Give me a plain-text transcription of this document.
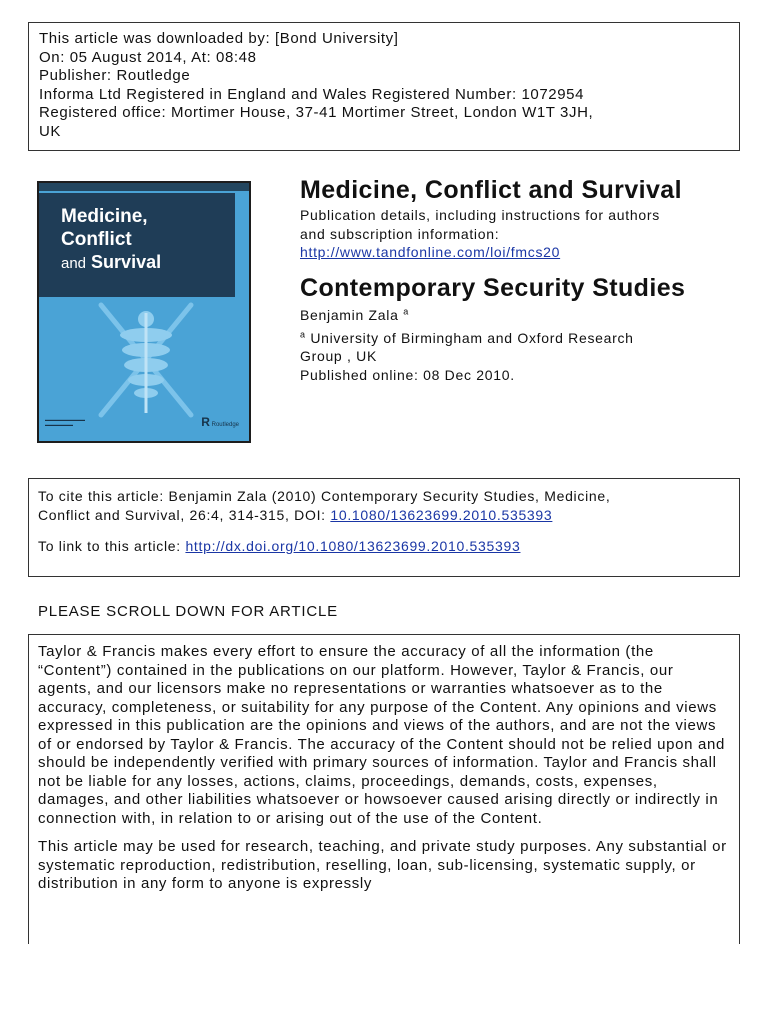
This article was downloaded by: [Bond University]
On: 05 August 2014, At: 08:48
Publisher: Routledge
Informa Ltd Registered in England and Wales Registered Number: 1072954
Registered office: Mortimer House, 37-41 Mortimer Street, London W1T 3JH,
UK
Medicine,
Conflict
and Survival
▬▬▬▬▬▬▬▬▬▬
▬▬▬▬▬▬▬	R Routledge
Medicine, Conflict and Survival
Publication details, including instructions for authors
and subscription information:
http://www.tandfonline.com/loi/fmcs20
Contemporary Security Studies
Benjamin Zala $^a$
$^a$ University of Birmingham and Oxford Research
Group , UK
Published online: 08 Dec 2010.
To cite this article: Benjamin Zala (2010) Contemporary Security Studies, Medicine,
Conflict and Survival, 26:4, 314-315, DOI: 10.1080/13623699.2010.535393
To link to this article: http://dx.doi.org/10.1080/13623699.2010.535393
PLEASE SCROLL DOWN FOR ARTICLE

Taylor & Francis makes every effort to ensure the accuracy of all the information (the “Content”) contained in the publications on our platform. However, Taylor & Francis, our agents, and our licensors make no representations or warranties whatsoever as to the accuracy, completeness, or suitability for any purpose of the Content. Any opinions and views expressed in this publication are the opinions and views of the authors, and are not the views of or endorsed by Taylor & Francis. The accuracy of the Content should not be relied upon and should be independently verified with primary sources of information. Taylor and Francis shall not be liable for any losses, actions, claims, proceedings, demands, costs, expenses, damages, and other liabilities whatsoever or howsoever caused arising directly or indirectly in connection with, in relation to or arising out of the use of the Content.

This article may be used for research, teaching, and private study purposes. Any substantial or systematic reproduction, redistribution, reselling, loan, sub-licensing, systematic supply, or distribution in any form to anyone is expressly
